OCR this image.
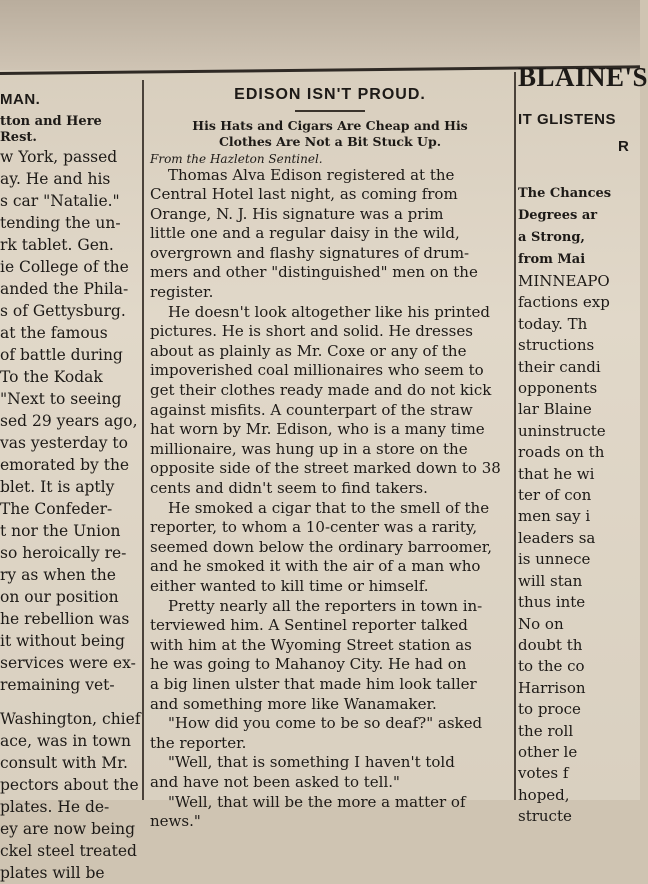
MAN.
tton and Here
Rest.
w York, passed
ay. He and his
s car "Natalie."
tending the un-
rk tablet. Gen.
ie College of the
anded the Phila-
s of Gettysburg.
at the famous
of battle during
To the Kodak
"Next to seeing
sed 29 years ago,
vas yesterday to
emorated by the
blet. It is aptly
The Confeder-
t nor the Union
so heroically re-
ry as when the
on our position
he rebellion was
it without being
services were ex-
remaining vet-
Washington, chief
ace, was in town
consult with Mr.
pectors about the
plates. He de-
ey are now being
ckel steel treated
plates will be
EDISON ISN'T PROUD.
His Hats and Cigars Are Cheap and His
Clothes Are Not a Bit Stuck Up.
From the Hazleton Sentinel.
Thomas Alva Edison registered at the
Central Hotel last night, as coming from
Orange, N. J. His signature was a prim
little one and a regular daisy in the wild,
overgrown and flashy signatures of drum-
mers and other "distinguished" men on the
register.
He doesn't look altogether like his printed
pictures. He is short and solid. He dresses
about as plainly as Mr. Coxe or any of the
impoverished coal millionaires who seem to
get their clothes ready made and do not kick
against misfits. A counterpart of the straw
hat worn by Mr. Edison, who is a many time
millionaire, was hung up in a store on the
opposite side of the street marked down to 38
cents and didn't seem to find takers.
He smoked a cigar that to the smell of the
reporter, to whom a 10-center was a rarity,
seemed down below the ordinary barroomer,
and he smoked it with the air of a man who
either wanted to kill time or himself.
Pretty nearly all the reporters in town in-
terviewed him. A Sentinel reporter talked
with him at the Wyoming Street station as
he was going to Mahanoy City. He had on
a big linen ulster that made him look taller
and something more like Wanamaker.
"How did you come to be so deaf?" asked
the reporter.
"Well, that is something I haven't told
and have not been asked to tell."
"Well, that will be the more a matter of
news."
BLAINE'S
IT GLISTENS
R
The Chances
Degrees ar
a Strong,
from Mai
MINNEAPO
factions exp
today. Th
structions
their candi
opponents
lar Blaine
uninstructe
roads on th
that he wi
ter of con
men say i
leaders sa
is unnece
will stan
thus inte
No on
doubt th
to the co
Harrison
to proce
the roll
other le
votes f
hoped,
structe
